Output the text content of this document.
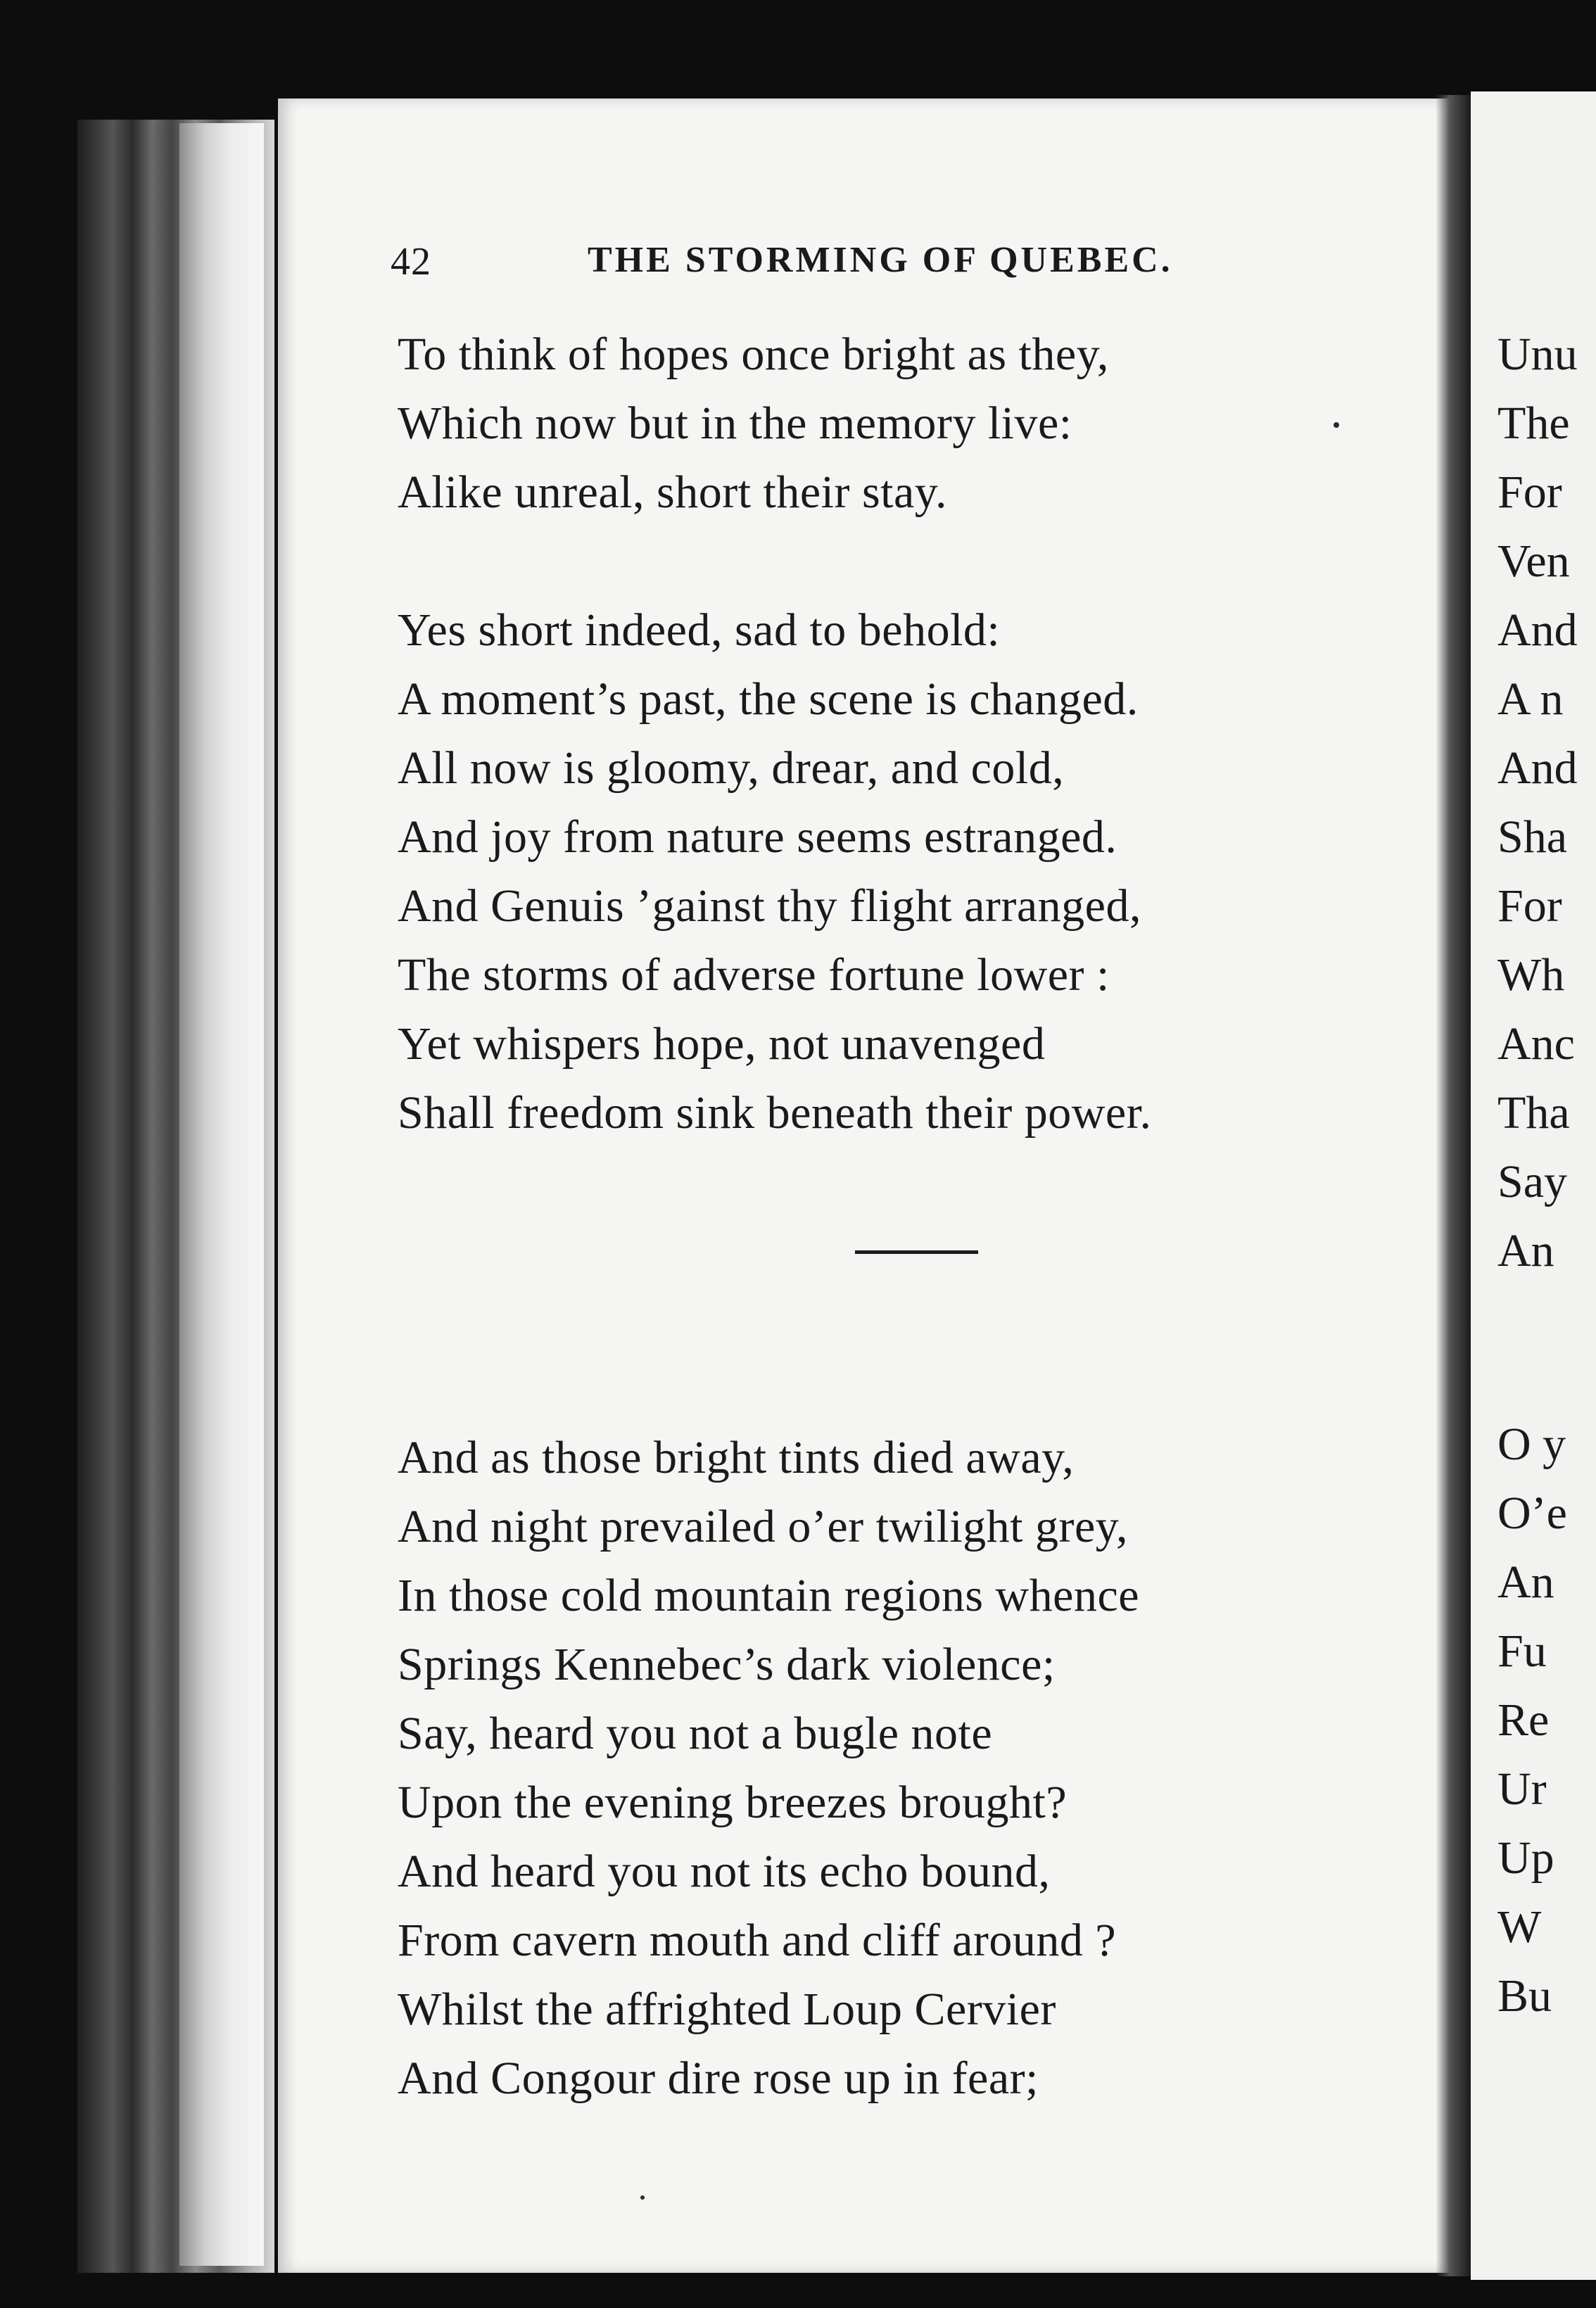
42	THE STORMING OF QUEBEC.
To think of hopes once bright as they,
Which now but in the memory live:
Alike unreal, short their stay.
Yes short indeed, sad to behold:
A moment’s past, the scene is changed.
All now is gloomy, drear, and cold,
And joy from nature seems estranged.
And Genuis ’gainst thy flight arranged,
The storms of adverse fortune lower :
Yet whispers hope, not unavenged
Shall freedom sink beneath their power.
And as those bright tints died away,
And night prevailed o’er twilight grey,
In those cold mountain regions whence
Springs Kennebec’s dark violence;
Say, heard you not a bugle note
Upon the evening breezes brought?
And heard you not its echo bound,
From cavern mouth and cliff around ?
Whilst the affrighted Loup Cervier
And Congour dire rose up in fear;
Unu
The
For
Ven
And
A n
And
Sha
For
Wh
Anc
Tha
Say
An
O y
O’e
An
Fu
Re
Ur
Up
W
Bu
